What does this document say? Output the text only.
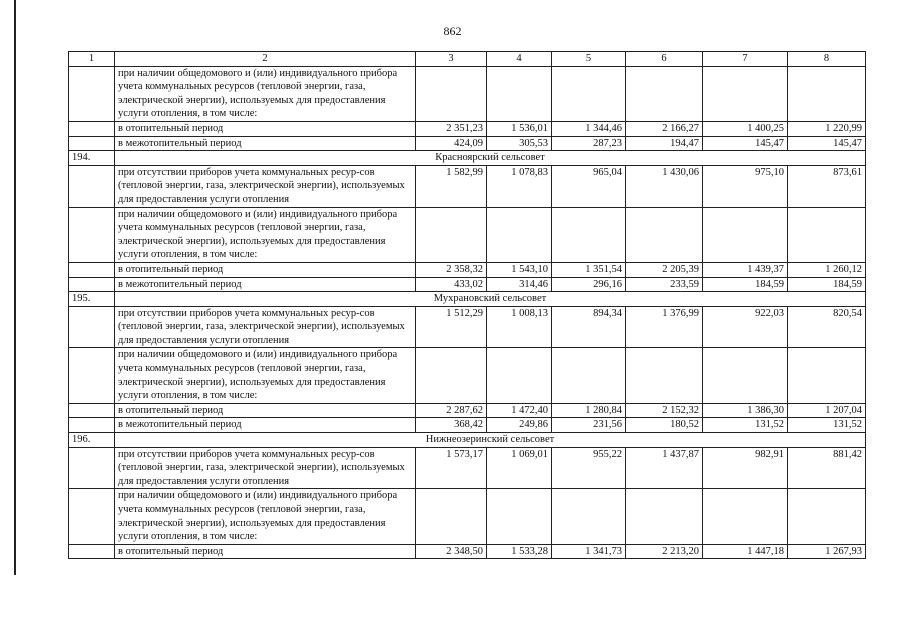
862
1	2	3	4	5	6	7	8
	при наличии общедомового и (или) индивидуального прибора учета коммунальных ресурсов (тепловой энергии, газа, электрической энергии), используемых для предоставления услуги отопления, в том числе:						
	в отопительный период	2 351,23	1 536,01	1 344,46	2 166,27	1 400,25	1 220,99
	в межотопительный период	424,09	305,53	287,23	194,47	145,47	145,47
194.	Красноярский сельсовет						
	при отсутствии приборов учета коммунальных ресур-сов (тепловой энергии, газа, электрической энергии), используемых для предоставления услуги отопления	1 582,99	1 078,83	965,04	1 430,06	975,10	873,61
	при наличии общедомового и (или) индивидуального прибора учета коммунальных ресурсов (тепловой энергии, газа, электрической энергии), используемых для предоставления услуги отопления, в том числе:						
	в отопительный период	2 358,32	1 543,10	1 351,54	2 205,39	1 439,37	1 260,12
	в межотопительный период	433,02	314,46	296,16	233,59	184,59	184,59
195.	Мухрановский сельсовет						
	при отсутствии приборов учета коммунальных ресур-сов (тепловой энергии, газа, электрической энергии), используемых для предоставления услуги отопления	1 512,29	1 008,13	894,34	1 376,99	922,03	820,54
	при наличии общедомового и (или) индивидуального прибора учета коммунальных ресурсов (тепловой энергии, газа, электрической энергии), используемых для предоставления услуги отопления, в том числе:						
	в отопительный период	2 287,62	1 472,40	1 280,84	2 152,32	1 386,30	1 207,04
	в межотопительный период	368,42	249,86	231,56	180,52	131,52	131,52
196.	Нижнеозеринский сельсовет						
	при отсутствии приборов учета коммунальных ресур-сов (тепловой энергии, газа, электрической энергии), используемых для предоставления услуги отопления	1 573,17	1 069,01	955,22	1 437,87	982,91	881,42
	при наличии общедомового и (или) индивидуального прибора учета коммунальных ресурсов (тепловой энергии, газа, электрической энергии), используемых для предоставления услуги отопления, в том числе:						
	в отопительный период	2 348,50	1 533,28	1 341,73	2 213,20	1 447,18	1 267,93
